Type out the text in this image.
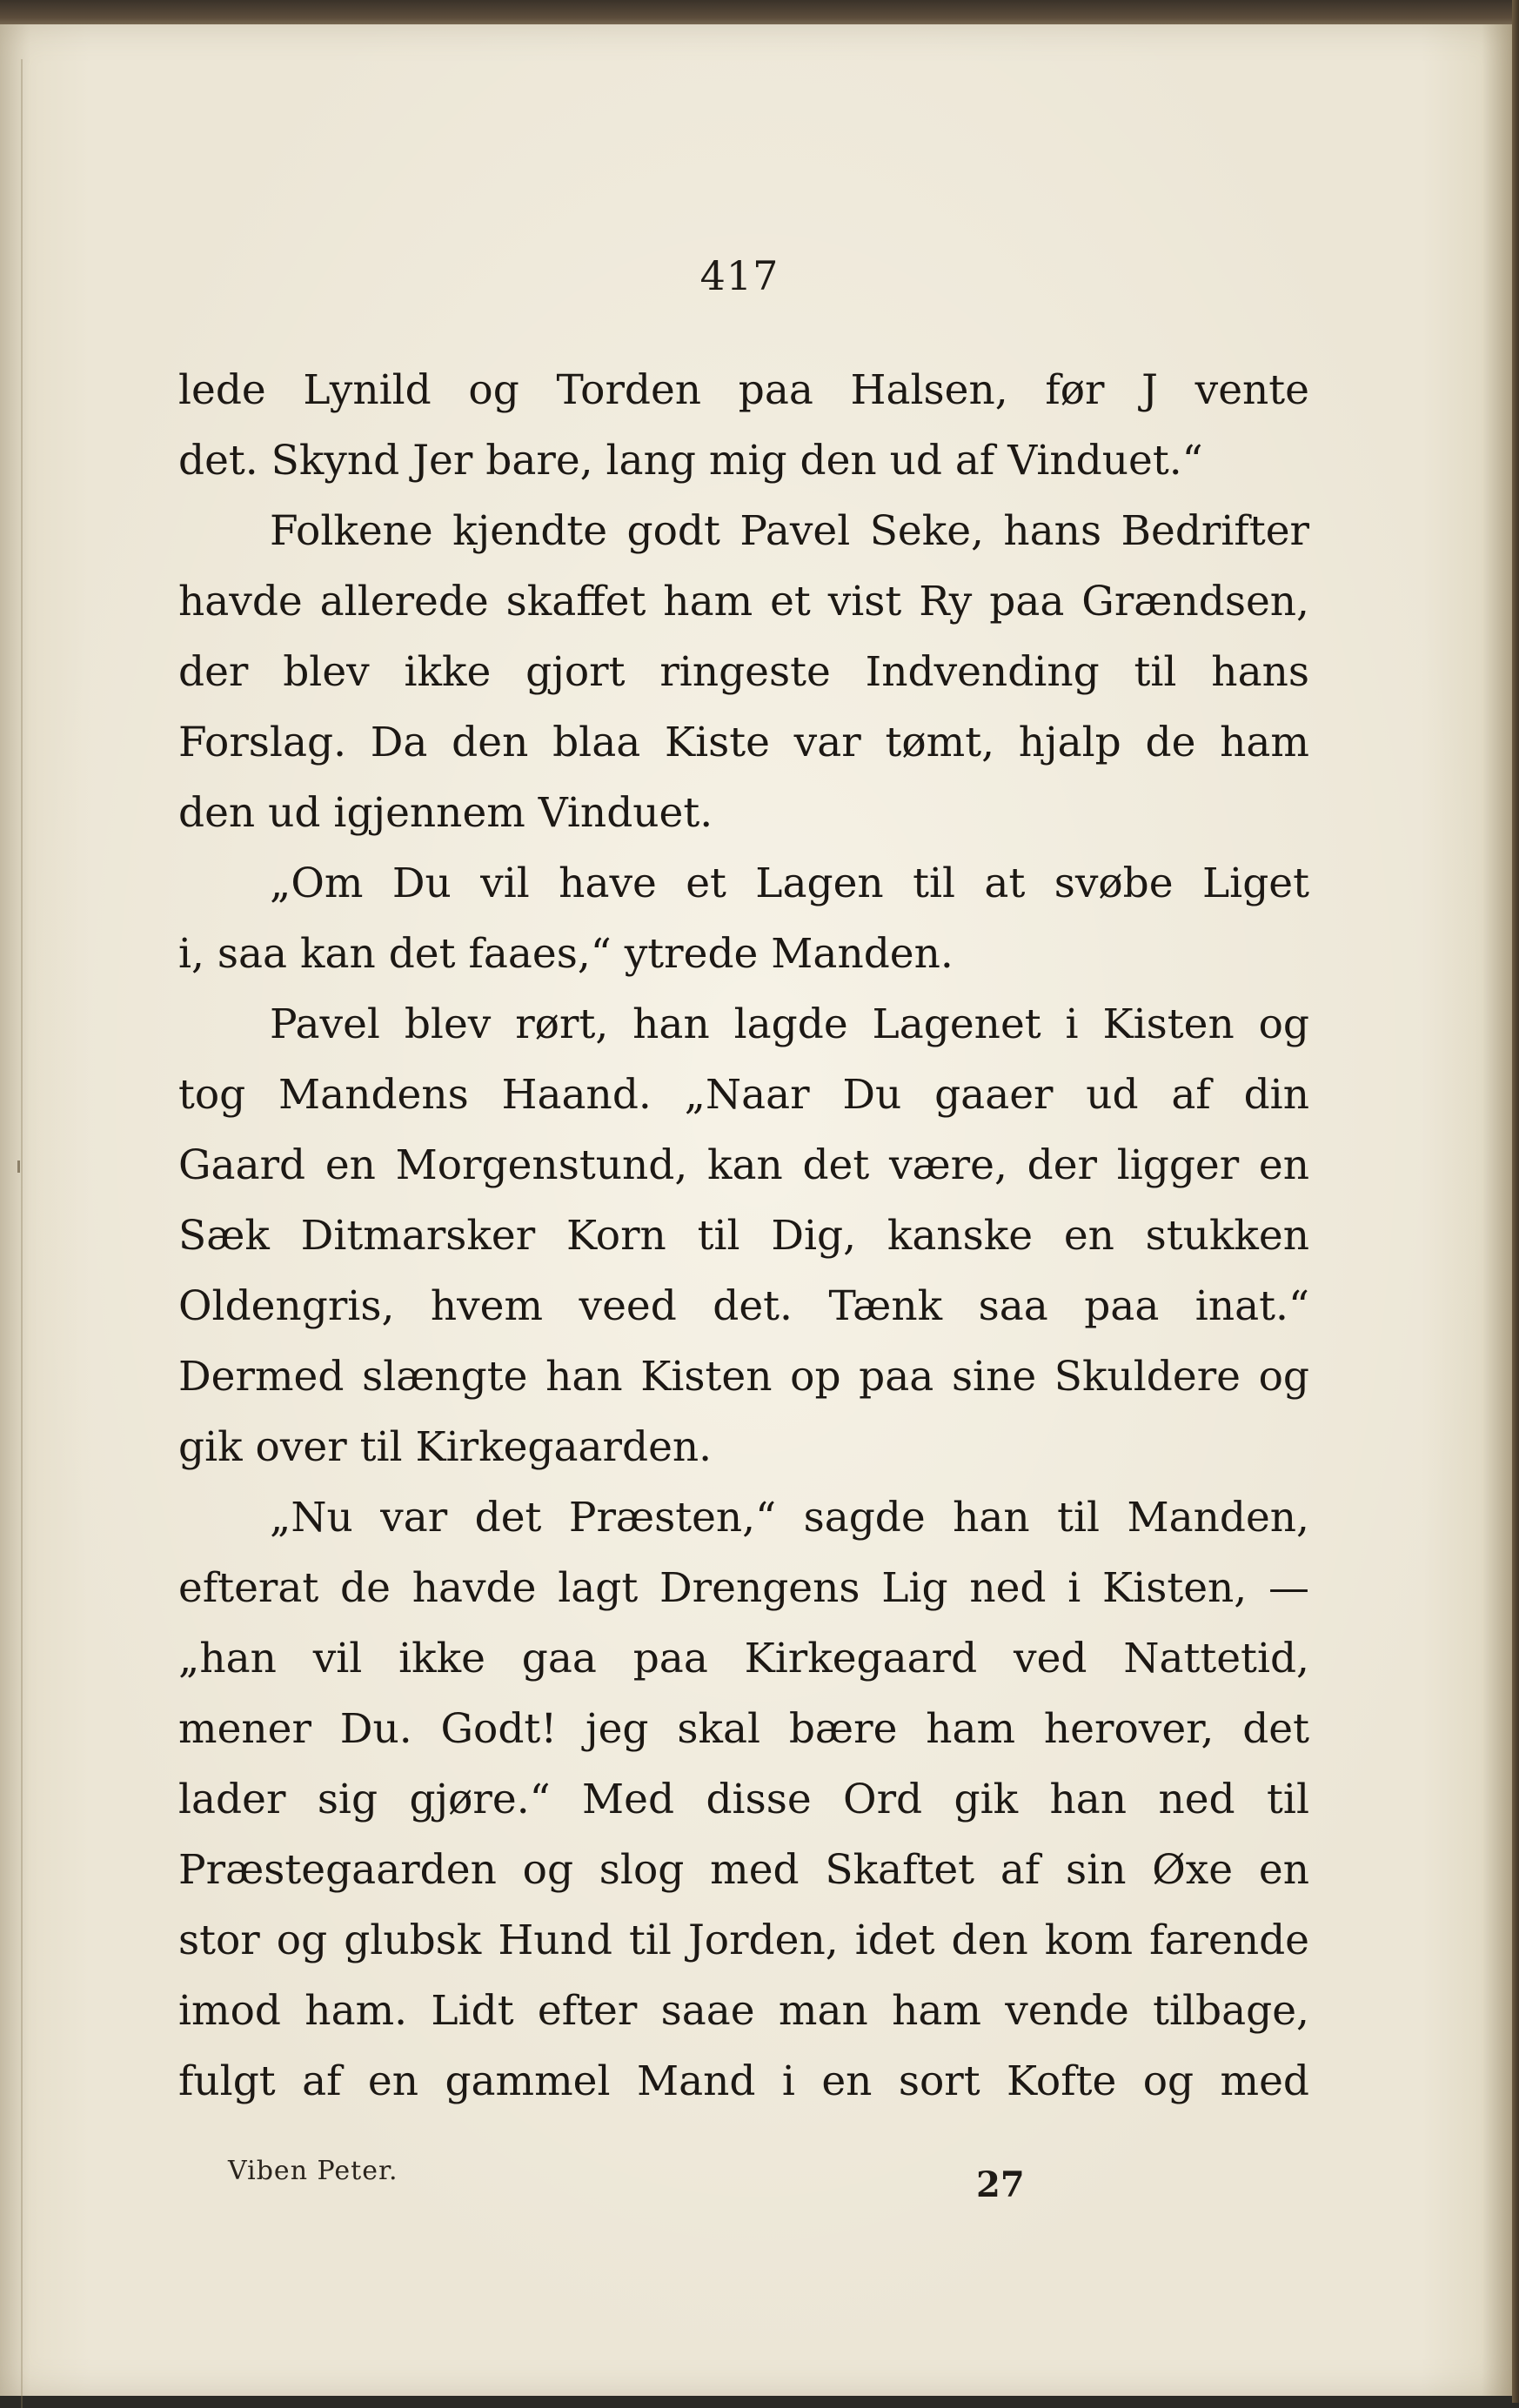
417
lede Lynild og Torden paa Halsen, før J vente
det. Skynd Jer bare, lang mig den ud af Vinduet.“
Folkene kjendte godt Pavel Seke, hans Bedrifter
havde allerede skaffet ham et vist Ry paa Grændsen,
der blev ikke gjort ringeste Indvending til hans
Forslag. Da den blaa Kiste var tømt, hjalp de ham
den ud igjennem Vinduet.
„Om Du vil have et Lagen til at svøbe Liget
i, saa kan det faaes,“ ytrede Manden.
Pavel blev rørt, han lagde Lagenet i Kisten og
tog Mandens Haand. „Naar Du gaaer ud af din
Gaard en Morgenstund, kan det være, der ligger en
Sæk Ditmarsker Korn til Dig, kanske en stukken
Oldengris, hvem veed det. Tænk saa paa inat.“
Dermed slængte han Kisten op paa sine Skuldere og
gik over til Kirkegaarden.
„Nu var det Præsten,“ sagde han til Manden,
efterat de havde lagt Drengens Lig ned i Kisten, —
„han vil ikke gaa paa Kirkegaard ved Nattetid,
mener Du. Godt! jeg skal bære ham herover, det
lader sig gjøre.“ Med disse Ord gik han ned til
Præstegaarden og slog med Skaftet af sin Øxe en
stor og glubsk Hund til Jorden, idet den kom farende
imod ham. Lidt efter saae man ham vende tilbage,
fulgt af en gammel Mand i en sort Kofte og med
Viben Peter.	27
